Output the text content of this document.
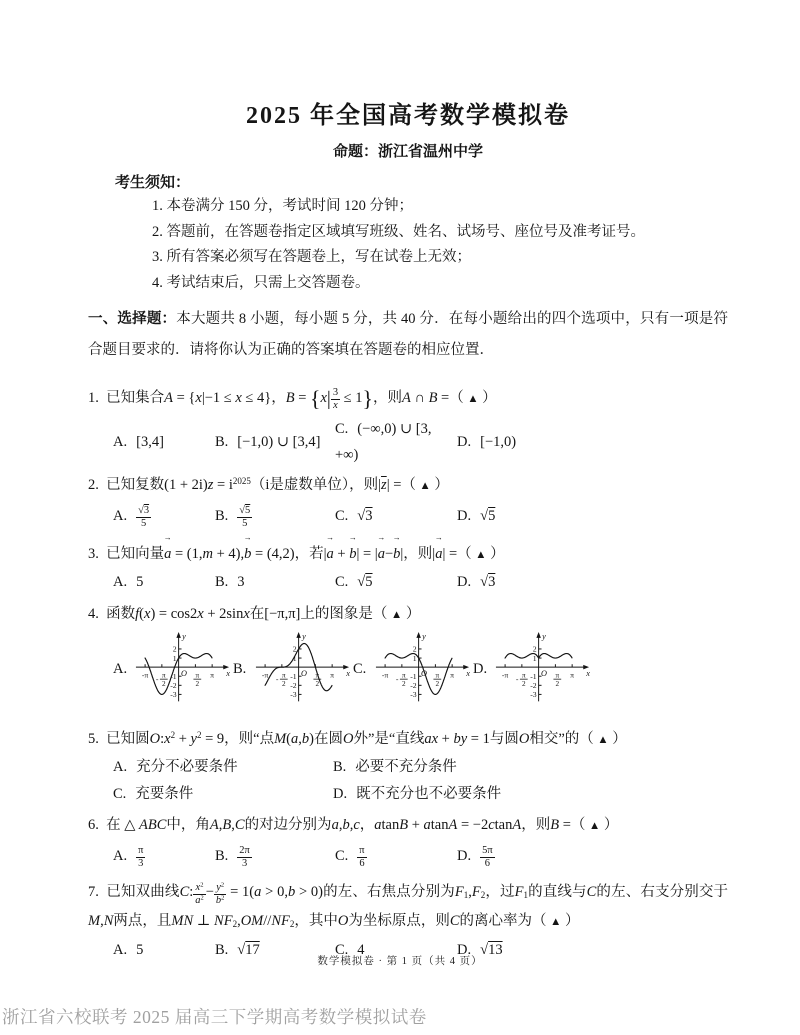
2025 年全国高考数学模拟卷
命题：浙江省温州中学
考生须知：
1. 本卷满分 150 分，考试时间 120 分钟；
2. 答题前，在答题卷指定区域填写班级、姓名、试场号、座位号及准考证号。
3. 所有答案必须写在答题卷上，写在试卷上无效；
4. 考试结束后，只需上交答题卷。

一、选择题：本大题共 8 小题，每小题 5 分，共 40 分．在每小题给出的四个选项中，只有一项是符合题目要求的．请将你认为正确的答案填在答题卷的相应位置．

1.  已知集合A = {x|−1 ≤ x ≤ 4}，$B = \{x| \frac{3}{x} \le 1\}$，则A ∩ B =（ ▲ ）
A. [3,4]	B. [−1,0) ∪ [3,4]
C. (−∞,0) ∪ [3, +∞)
D. [−1,0)
2.  已知复数$(1 + 2i)z = i^{2025}(i$是虚数单位），则$|\overline{z}|$ =（ ▲ ）
A. $\frac{√3}{5}$	B. $\frac{√5}{5}$	C. √3	D. √5
3.  已知向量
→
a = (1,m + 4),
→
b = (4,2)，若|
→
a +
→
b| = |
→
a−
→
b|，则|
→
a| =（ ▲ ）
A. 5	B. 3	C. √5	D. √3
4.  函数f(x) = cos2x + 2sinx在[−π,π]上的图象是（ ▲ ）
A.	x
y
O
2
1
-1
-2
-3
-π π
2
-	π
2
π B.	x
y
O
2
1
-1
-2
-3
-π π
2
-	π
2
π C.	x
y
O
2
1
-1
-2
-3
-π π
2
-	π
2
π D.	x
y
O
2
1
-1
-2
-3
-π π
2
-	π
2
π
5.  已知圆$O:x^2 + y^2 = 9$，则“点M(a,b)在圆O外”是“直线ax + by = 1与圆O相交”的（ ▲ ）
A. 充分不必要条件	B. 必要不充分条件
C. 充要条件	D. 既不充分也不必要条件
6.  在 △ ABC中，角A,B,C的对边分别为a,b,c，atanB + atanA = −2ctanA，则B =（ ▲ ）
A. $\frac{\pi}{3}$	B. $\frac{2\pi}{3}$	C. $\frac{\pi}{6}$	D. $\frac{5\pi}{6}$
7.  已知双曲线C: $\frac{x^2}{a^2} - \frac{y^2}{b^2} = 1(a > 0,b > 0)$的左、右焦点分别为$F_1,F_2$，过$F_1$的直线与C的左、右支分别交于M,N两点，且MN ⊥ $NF_2,OM//NF_2$，其中O为坐标原点，则C的离心率为（ ▲ ）
A. 5	B. √17	C. 4	D. √13
数学模拟卷 · 第 1 页（共 4 页）
浙江省六校联考 2025 届高三下学期高考数学模拟试卷
